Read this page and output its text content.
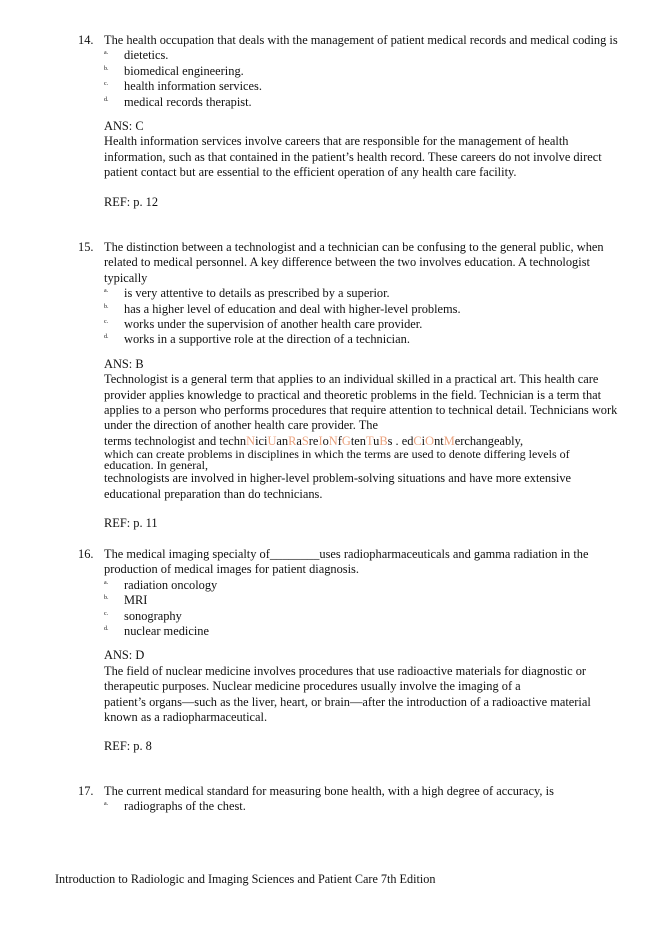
14. The health occupation that deals with the management of patient medical records and medical coding is

a. dietetics.
b. biomedical engineering.
c. health information services.
d. medical records therapist.
ANS: C

Health information services involve careers that are responsible for the management of health information, such as that contained in the patient’s health record. These careers do not involve direct patient contact but are essential to the efficient operation of any health care facility.

REF: p. 12
15. The distinction between a technologist and a technician can be confusing to the general public, when related to medical personnel. A key difference between the two involves education. A technologist typically

a. is very attentive to details as prescribed by a superior.
b. has a higher level of education and deal with higher-level problems.
c. works under the supervision of another health care provider.
d. works in a supportive role at the direction of a technician.
ANS: B

Technologist is a general term that applies to an individual skilled in a practical art. This health care provider applies knowledge to practical and theoretic problems in the field. Technician is a term that applies to a person who performs procedures that require attention to technical detail. Technicians work under the direction of another health care provider. The

terms technologist and technNiciUanRaSreIoNfGtenTuBs . edCiOntMerchangeably,

which can create problems in disciplines in which the terms are used to denote differing levels of education. In general,

technologists are involved in higher-level problem-solving situations and have more extensive educational preparation than do technicians.

REF: p. 11
16. The medical imaging specialty of________uses radiopharmaceuticals and gamma radiation in the production of medical images for patient diagnosis.

a. radiation oncology
b. MRI
c. sonography
d. nuclear medicine
ANS: D

The field of nuclear medicine involves procedures that use radioactive materials for diagnostic or therapeutic purposes. Nuclear medicine procedures usually involve the imaging of a

patient’s organs—such as the liver, heart, or brain—after the introduction of a radioactive material known as a radiopharmaceutical.

REF: p. 8
17. The current medical standard for measuring bone health, with a high degree of accuracy, is

a. radiographs of the chest.
Introduction to Radiologic and Imaging Sciences and Patient Care 7th Edition
